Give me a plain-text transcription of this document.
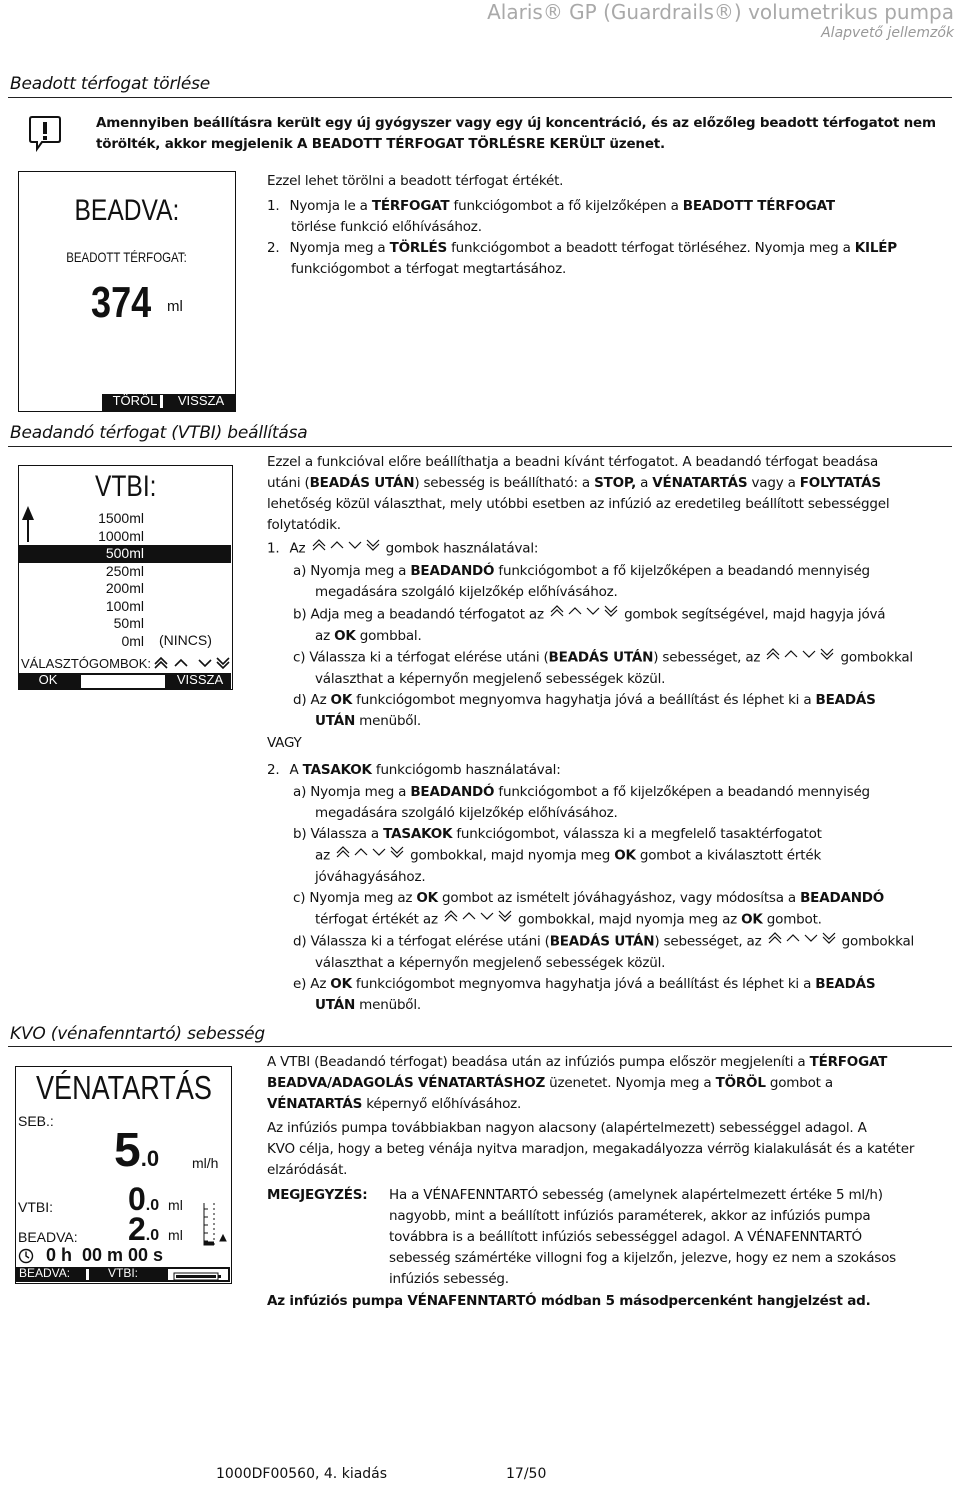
Alaris® GP (Guardrails®) volumetrikus pumpa
Alapvető jellemzők
Beadott térfogat törlése
Amennyiben beállításra került egy új gyógyszer vagy egy új koncentráció, és az előzőleg beadott térfogatot nem törölték, akkor megjelenik A BEADOTT TÉRFOGAT TÖRLÉSRE KERÜLT üzenet.
BEADVA:
BEADOTT TÉRFOGAT:
374	ml
TÖRÖL	VISSZA
Ezzel lehet törölni a beadott térfogat értékét.
1. Nyomja le a TÉRFOGAT funkciógombot a fő kijelzőképen a BEADOTT TÉRFOGAT
törlése funkció előhívásához.
2. Nyomja meg a TÖRLÉS funkciógombot a beadott térfogat törléséhez. Nyomja meg a KILÉP
funkciógombot a térfogat megtartásához.
Beadandó térfogat (VTBI) beállítása
VTBI:
1500ml
1000ml
500ml
250ml
200ml
100ml
50ml
0ml	(NINCS)
VÁLASZTÓGOMBOK:
OK	VISSZA
Ezzel a funkcióval előre beállíthatja a beadni kívánt térfogatot. A beadandó térfogat beadása
utáni (BEADÁS UTÁN) sebesség is beállítható: a STOP, a VÉNATARTÁS vagy a FOLYTATÁS
lehetőség közül választhat, mely utóbbi esetben az infúzió az eredetileg beállított sebességgel
folytatódik.
1. Az	gombok használatával:
a) Nyomja meg a BEADANDÓ funkciógombot a fő kijelzőképen a beadandó mennyiség
megadására szolgáló kijelzőkép előhívásához.
b) Adja meg a beadandó térfogatot az	gombok segítségével, majd hagyja jóvá
az OK gombbal.
c) Válassza ki a térfogat elérése utáni (BEADÁS UTÁN) sebességet, az	gombokkal
választhat a képernyőn megjelenő sebességek közül.
d) Az OK funkciógombot megnyomva hagyhatja jóvá a beállítást és léphet ki a BEADÁS
UTÁN menüből.
VAGY
2. A TASAKOK funkciógomb használatával:
a) Nyomja meg a BEADANDÓ funkciógombot a fő kijelzőképen a beadandó mennyiség
megadására szolgáló kijelzőkép előhívásához.
b) Válassza a TASAKOK funkciógombot, válassza ki a megfelelő tasaktérfogatot
az	gombokkal, majd nyomja meg OK gombot a kiválasztott érték
jóváhagyásához.
c) Nyomja meg az OK gombot az ismételt jóváhagyáshoz, vagy módosítsa a BEADANDÓ
térfogat értékét az	gombokkal, majd nyomja meg az OK gombot.
d) Válassza ki a térfogat elérése utáni (BEADÁS UTÁN) sebességet, az	gombokkal
választhat a képernyőn megjelenő sebességek közül.
e) Az OK funkciógombot megnyomva hagyhatja jóvá a beállítást és léphet ki a BEADÁS
UTÁN menüből.
KVO (vénafenntartó) sebesség
VÉNATARTÁS
SEB.:
5.0 ml/h
VTBI: 0.0 ml
BEADVA: 2.0 ml
0 h  00 m 00 s
BEADVA:	VTBI:
A VTBI (Beadandó térfogat) beadása után az infúziós pumpa először megjeleníti a TÉRFOGAT
BEADVA/ADAGOLÁS VÉNATARTÁSHOZ üzenetet. Nyomja meg a TÖRÖL gombot a
VÉNATARTÁS képernyő előhívásához.
Az infúziós pumpa továbbiakban nagyon alacsony (alapértelmezett) sebességgel adagol. A
KVO célja, hogy a beteg vénája nyitva maradjon, megakadályozza vérrög kialakulását és a katéter
elzáródását.
MEGJEGYZÉS: Ha a VÉNAFENNTARTÓ sebesség (amelynek alapértelmezett értéke 5 ml/h)
nagyobb, mint a beállított infúziós paraméterek, akkor az infúziós pumpa
továbbra is a beállított infúziós sebességgel adagol. A VÉNAFENNTARTÓ
sebesség számértéke villogni fog a kijelzőn, jelezve, hogy ez nem a szokásos
infúziós sebesség.
Az infúziós pumpa VÉNAFENNTARTÓ módban 5 másodpercenként hangjelzést ad.
1000DF00560, 4. kiadás	17/50
